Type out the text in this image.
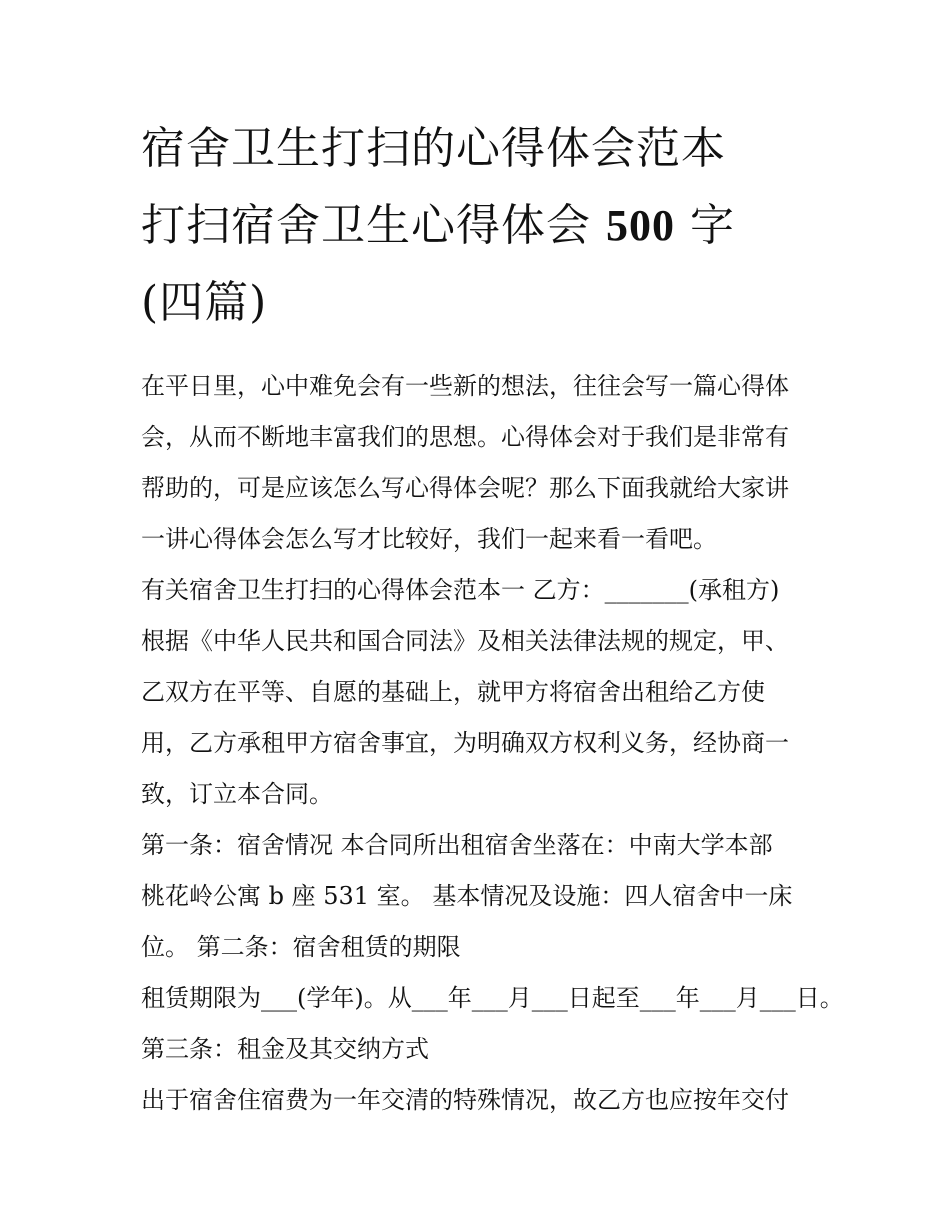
宿舍卫生打扫的心得体会范本
打扫宿舍卫生心得体会 500 字
(四篇)

在平日里，心中难免会有一些新的想法，往往会写一篇心得体
会，从而不断地丰富我们的思想。心得体会对于我们是非常有
帮助的，可是应该怎么写心得体会呢？那么下面我就给大家讲
一讲心得体会怎么写才比较好，我们一起来看一看吧。

有关宿舍卫生打扫的心得体会范本一 乙方：_______(承租方)
根据《中华人民共和国合同法》及相关法律法规的规定，甲、
乙双方在平等、自愿的基础上，就甲方将宿舍出租给乙方使
用，乙方承租甲方宿舍事宜，为明确双方权利义务，经协商一
致，订立本合同。

第一条：宿舍情况 本合同所出租宿舍坐落在：中南大学本部
桃花岭公寓 b 座 531 室。 基本情况及设施：四人宿舍中一床
位。 第二条：宿舍租赁的期限

租赁期限为___(学年)。从___年___月___日起至___年___月___日。

第三条：租金及其交纳方式

出于宿舍住宿费为一年交清的特殊情况，故乙方也应按年交付
